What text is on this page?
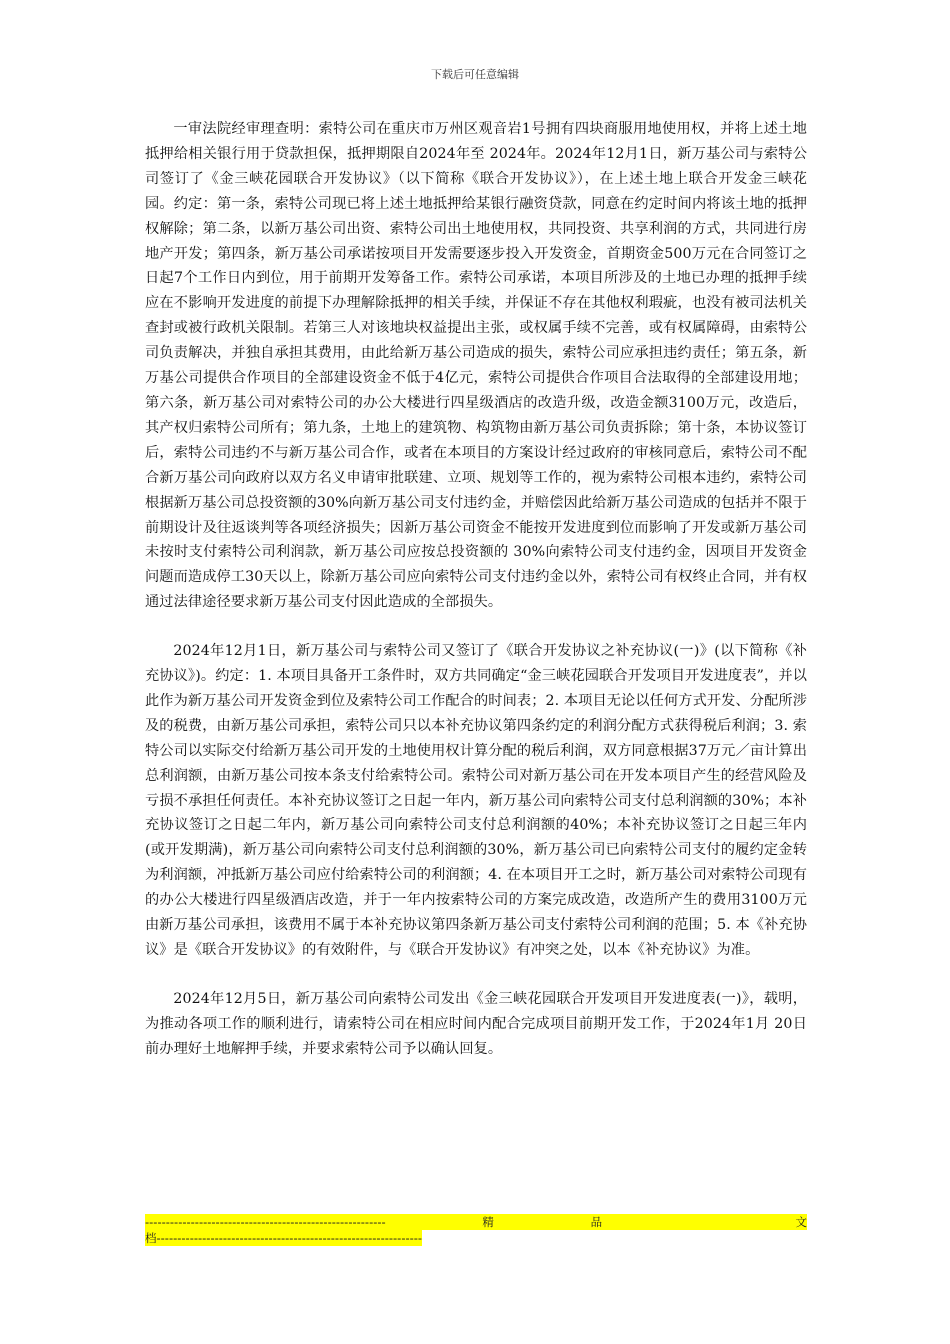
下载后可任意编辑

一审法院经审理查明：索特公司在重庆市万州区观音岩1号拥有四块商服用地使用权，并将上述土地抵押给相关银行用于贷款担保，抵押期限自2024年至 2024年。2024年12月1日，新万基公司与索特公司签订了《金三峡花园联合开发协议》（以下简称《联合开发协议》），在上述土地上联合开发金三峡花园。约定：第一条，索特公司现已将上述土地抵押给某银行融资贷款，同意在约定时间内将该土地的抵押权解除；第二条，以新万基公司出资、索特公司出土地使用权，共同投资、共享利润的方式，共同进行房地产开发；第四条，新万基公司承诺按项目开发需要逐步投入开发资金，首期资金500万元在合同签订之日起7个工作日内到位，用于前期开发筹备工作。索特公司承诺，本项目所涉及的土地已办理的抵押手续应在不影响开发进度的前提下办理解除抵押的相关手续，并保证不存在其他权利瑕疵，也没有被司法机关查封或被行政机关限制。若第三人对该地块权益提出主张，或权属手续不完善，或有权属障碍，由索特公司负责解决，并独自承担其费用，由此给新万基公司造成的损失，索特公司应承担违约责任；第五条，新万基公司提供合作项目的全部建设资金不低于4亿元，索特公司提供合作项目合法取得的全部建设用地；第六条，新万基公司对索特公司的办公大楼进行四星级酒店的改造升级，改造金额3100万元，改造后，其产权归索特公司所有；第九条，土地上的建筑物、构筑物由新万基公司负责拆除；第十条，本协议签订后，索特公司违约不与新万基公司合作，或者在本项目的方案设计经过政府的审核同意后，索特公司不配合新万基公司向政府以双方名义申请审批联建、立项、规划等工作的，视为索特公司根本违约，索特公司根据新万基公司总投资额的30%向新万基公司支付违约金，并赔偿因此给新万基公司造成的包括并不限于前期设计及往返谈判等各项经济损失；因新万基公司资金不能按开发进度到位而影响了开发或新万基公司未按时支付索特公司利润款，新万基公司应按总投资额的 30%向索特公司支付违约金，因项目开发资金问题而造成停工30天以上，除新万基公司应向索特公司支付违约金以外，索特公司有权终止合同，并有权通过法律途径要求新万基公司支付因此造成的全部损失。

2024年12月1日，新万基公司与索特公司又签订了《联合开发协议之补充协议(一)》(以下简称《补充协议》)。约定：1. 本项目具备开工条件时，双方共同确定“金三峡花园联合开发项目开发进度表”，并以此作为新万基公司开发资金到位及索特公司工作配合的时间表；2. 本项目无论以任何方式开发、分配所涉及的税费，由新万基公司承担，索特公司只以本补充协议第四条约定的利润分配方式获得税后利润；3. 索特公司以实际交付给新万基公司开发的土地使用权计算分配的税后利润，双方同意根据37万元／亩计算出总利润额，由新万基公司按本条支付给索特公司。索特公司对新万基公司在开发本项目产生的经营风险及亏损不承担任何责任。本补充协议签订之日起一年内，新万基公司向索特公司支付总利润额的30%；本补充协议签订之日起二年内，新万基公司向索特公司支付总利润额的40%；本补充协议签订之日起三年内(或开发期满)，新万基公司向索特公司支付总利润额的30%，新万基公司已向索特公司支付的履约定金转为利润额，冲抵新万基公司应付给索特公司的利润额；4. 在本项目开工之时，新万基公司对索特公司现有的办公大楼进行四星级酒店改造，并于一年内按索特公司的方案完成改造，改造所产生的费用3100万元由新万基公司承担，该费用不属于本补充协议第四条新万基公司支付索特公司利润的范围；5. 本《补充协议》是《联合开发协议》的有效附件，与《联合开发协议》有冲突之处，以本《补充协议》为准。

2024年12月5日，新万基公司向索特公司发出《金三峡花园联合开发项目开发进度表(一)》，载明，为推动各项工作的顺利进行，请索特公司在相应时间内配合完成项目前期开发工作，于2024年1月 20日前办理好土地解押手续，并要求索特公司予以确认回复。

----------------------------------------------------------	精	品	文
档----------------------------------------------------------------
